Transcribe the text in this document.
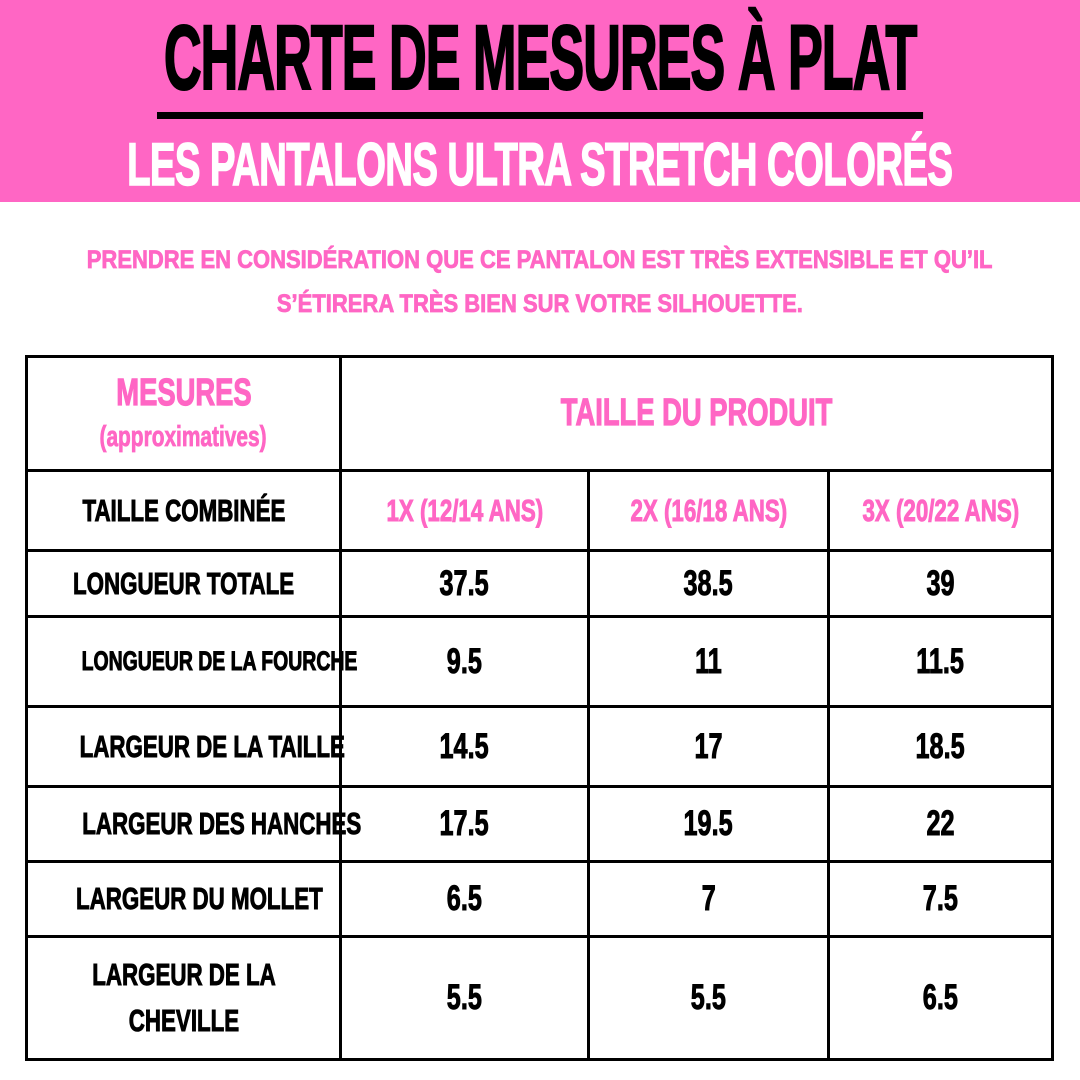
CHARTE DE MESURES À PLAT
LES PANTALONS ULTRA STRETCH COLORÉS
PRENDRE EN CONSIDÉRATION QUE CE PANTALON EST TRÈS EXTENSIBLE ET QU’IL
S’ÉTIRERA TRÈS BIEN SUR VOTRE SILHOUETTE.
MESURES
(approximatives)	TAILLE DU PRODUIT		
TAILLE COMBINÉE	1X (12/14 ANS)	2X (16/18 ANS)	3X (20/22 ANS)
LONGUEUR TOTALE	37.5	38.5	39
LONGUEUR DE LA FOURCHE	9.5	11	11.5
LARGEUR DE LA TAILLE	14.5	17	18.5
LARGEUR DES HANCHES	17.5	19.5	22
LARGEUR DU MOLLET	6.5	7	7.5
LARGEUR DE LA CHEVILLE	5.5	5.5	6.5
